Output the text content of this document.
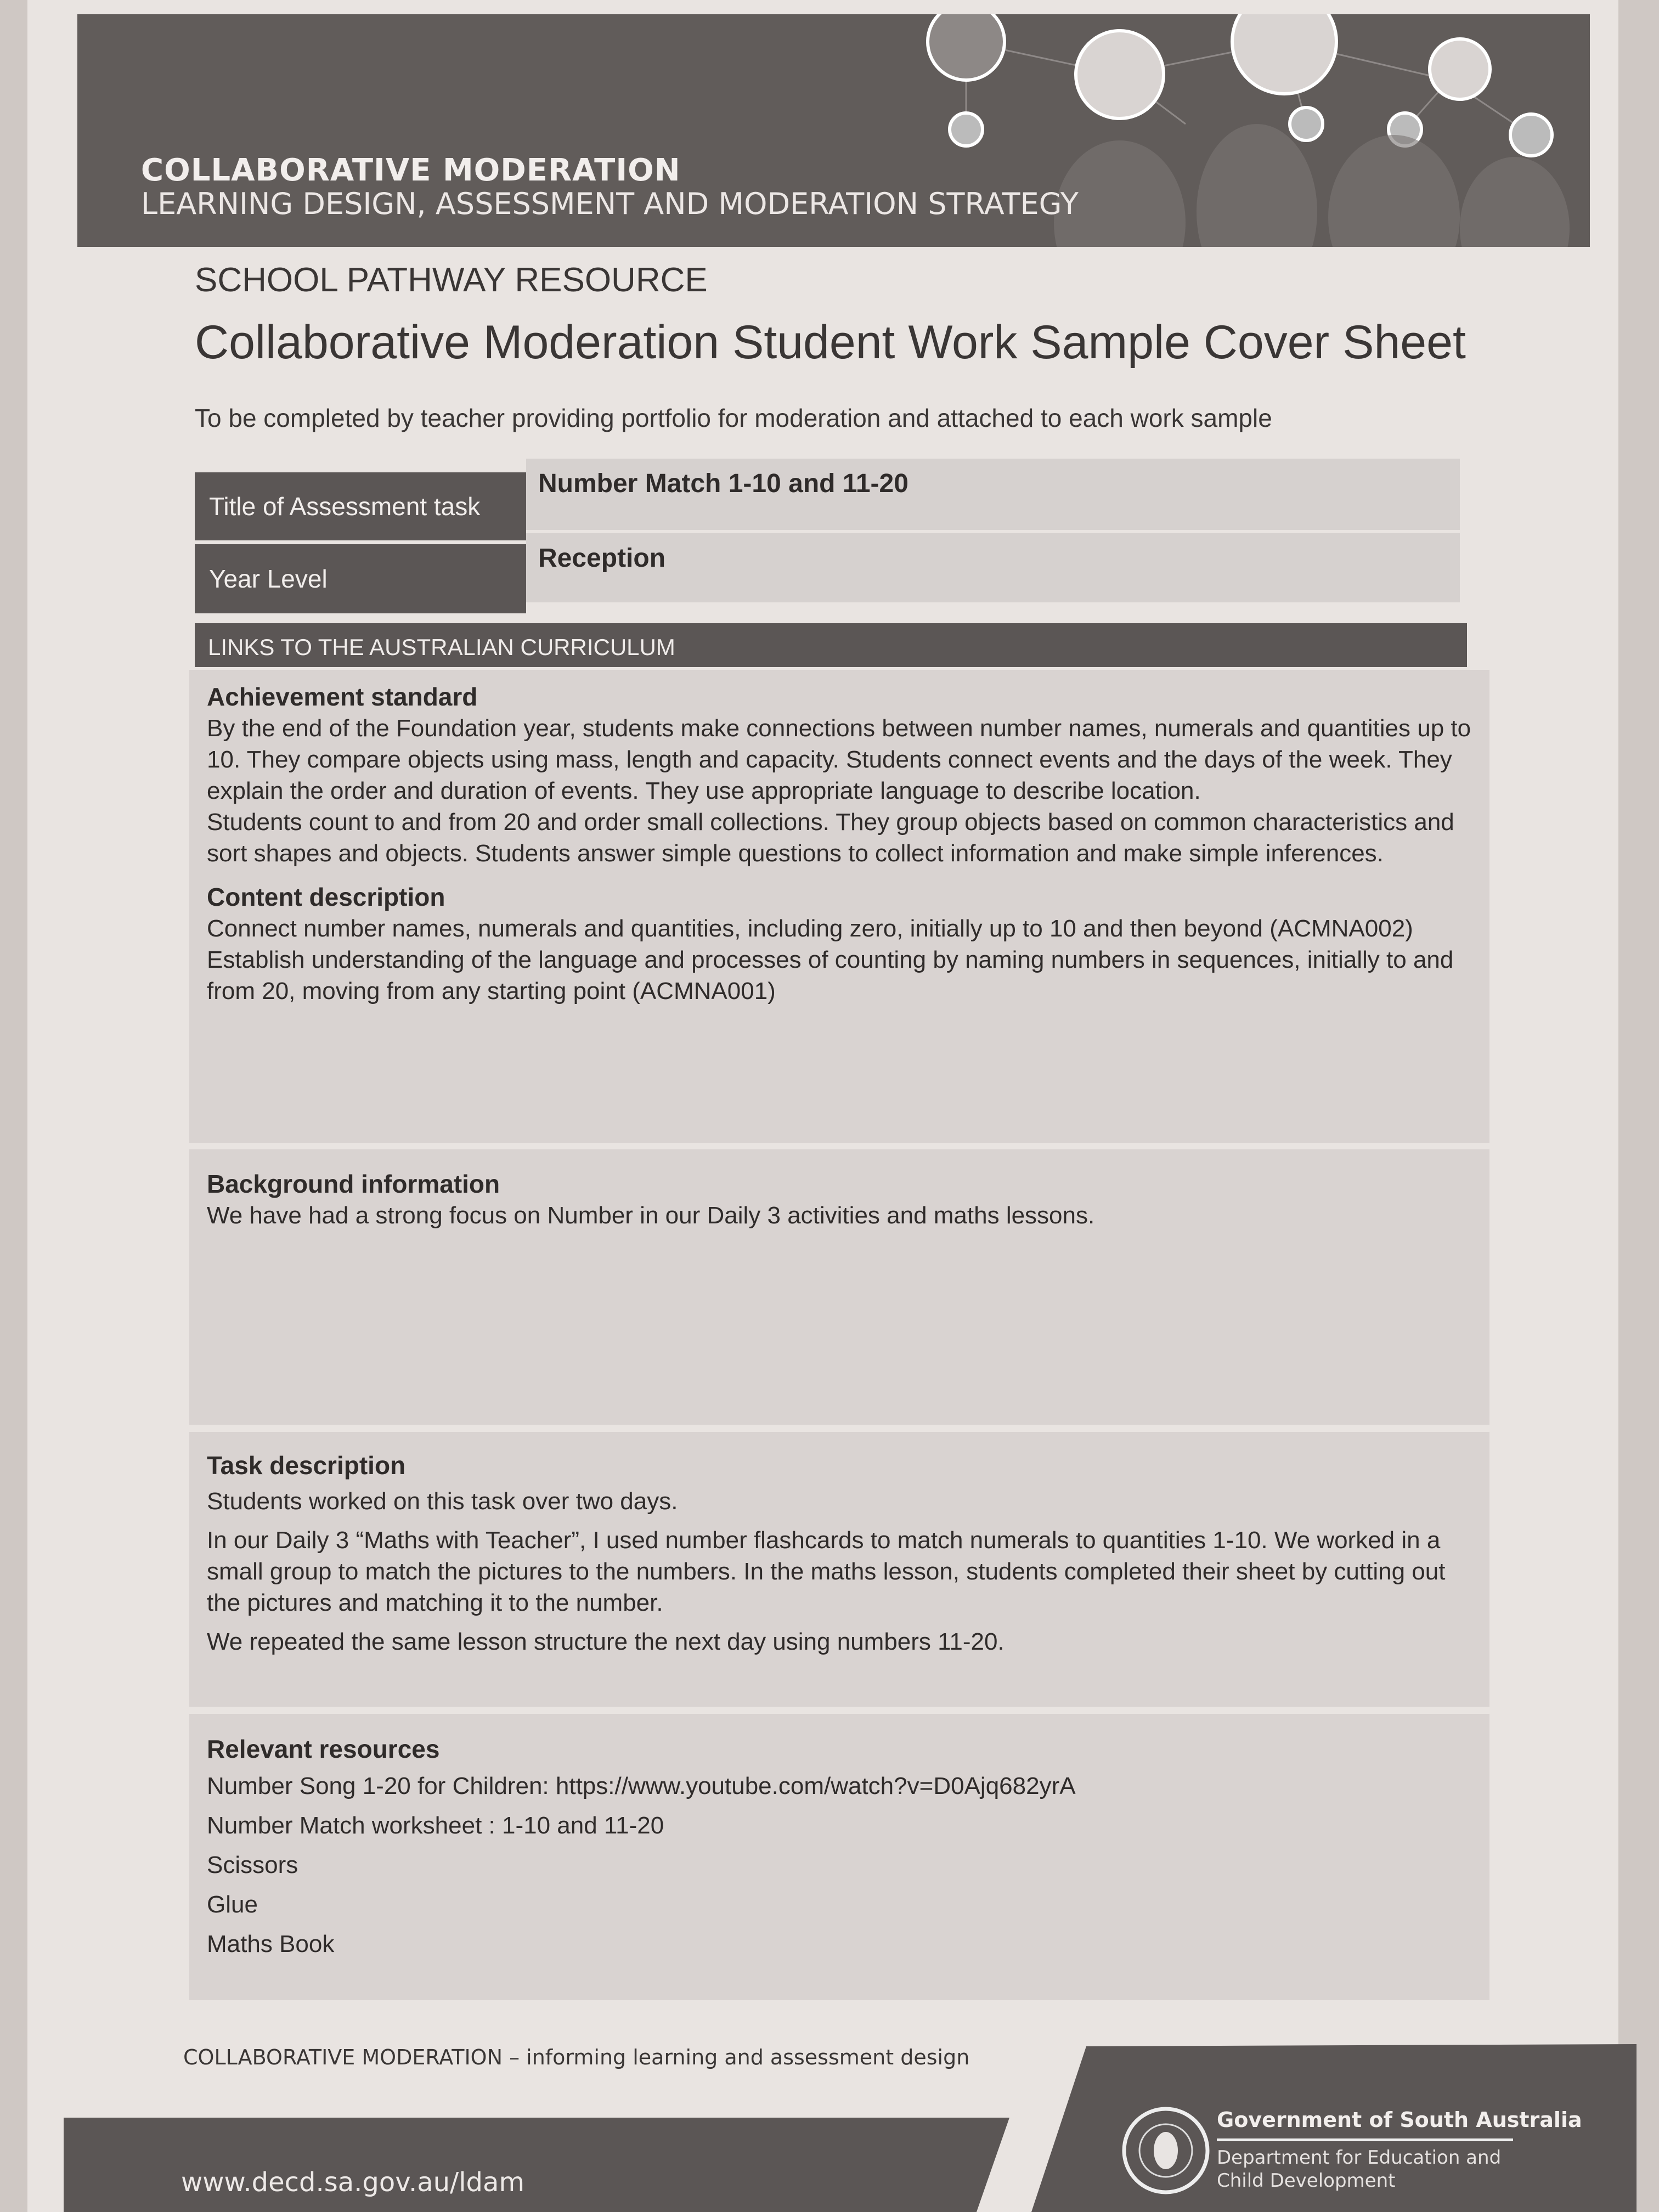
COLLABORATIVE MODERATION
LEARNING DESIGN, ASSESSMENT AND MODERATION STRATEGY
SCHOOL PATHWAY RESOURCE
Collaborative Moderation Student Work Sample Cover Sheet
To be completed by teacher providing portfolio for moderation and attached to each work sample
Title of Assessment task
Number Match 1-10 and 11-20
Year Level
Reception
LINKS TO THE AUSTRALIAN CURRICULUM
Achievement standard

By the end of the Foundation year, students make connections between number names, numerals and quantities up to 10. They compare objects using mass, length and capacity. Students connect events and the days of the week. They explain the order and duration of events. They use appropriate language to describe location.

Students count to and from 20 and order small collections. They group objects based on common characteristics and sort shapes and objects. Students answer simple questions to collect information and make simple inferences.

Content description

Connect number names, numerals and quantities, including zero, initially up to 10 and then beyond (ACMNA002)

Establish understanding of the language and processes of counting by naming numbers in sequences, initially to and from 20, moving from any starting point (ACMNA001)

Background information

We have had a strong focus on Number in our Daily 3 activities and maths lessons.

Task description

Students worked on this task over two days.

In our Daily 3 “Maths with Teacher”, I used number flashcards to match numerals to quantities 1-10. We worked in a small group to match the pictures to the numbers. In the maths lesson, students completed their sheet by cutting out the pictures and matching it to the number.

We repeated the same lesson structure the next day using numbers 11-20.

Relevant resources

Number Song 1-20 for Children: https://www.youtube.com/watch?v=D0Ajq682yrA

Number Match worksheet : 1-10 and 11-20

Scissors

Glue

Maths Book

COLLABORATIVE MODERATION – informing learning and assessment design
www.decd.sa.gov.au/ldam
Government of South Australia
Department for Education and
Child Development
